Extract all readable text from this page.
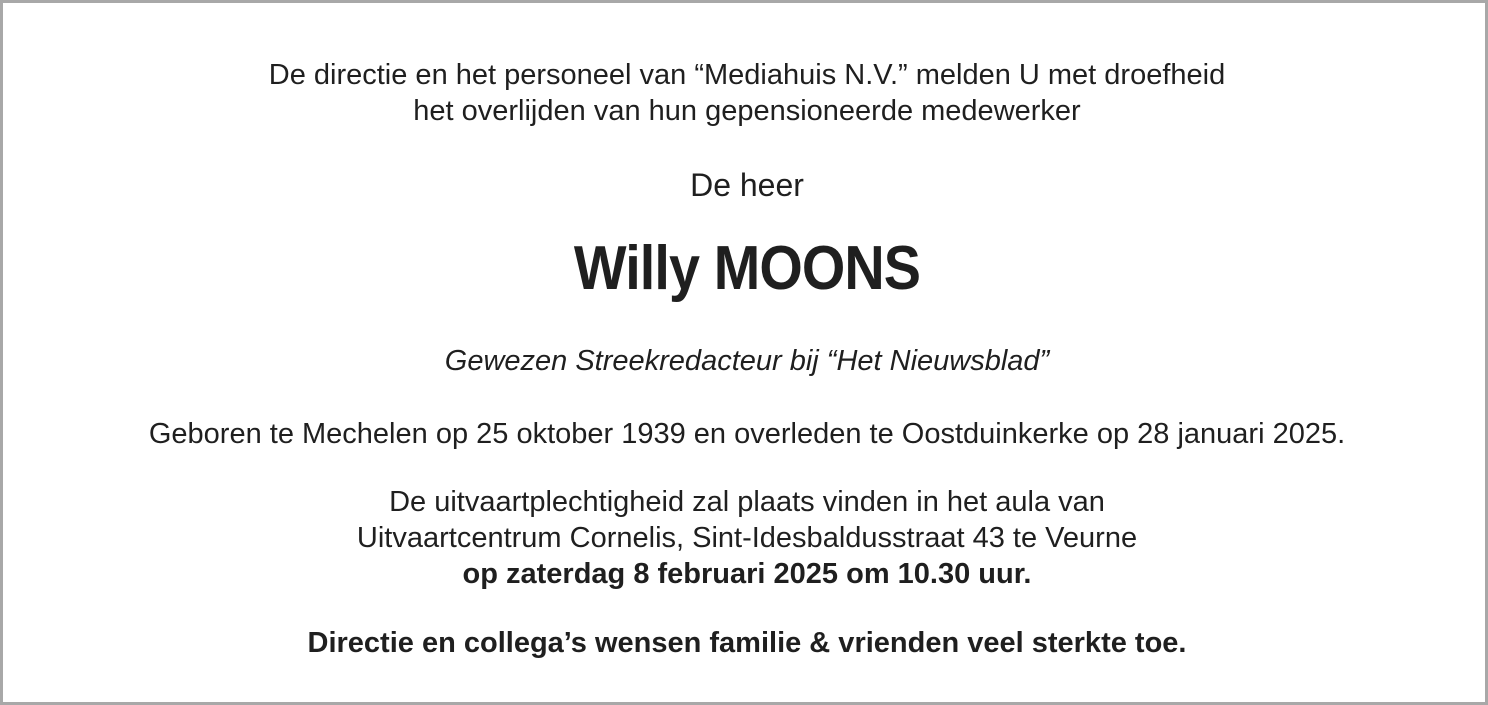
De directie en het personeel van “Mediahuis N.V.” melden U met droefheid
het overlijden van hun gepensioneerde medewerker
De heer
Willy MOONS
Gewezen Streekredacteur bij “Het Nieuwsblad”
Geboren te Mechelen op 25 oktober 1939 en overleden te Oostduinkerke op 28 januari 2025.
De uitvaartplechtigheid zal plaats vinden in het aula van
Uitvaartcentrum Cornelis, Sint-Idesbaldusstraat 43 te Veurne
op zaterdag 8 februari 2025 om 10.30 uur.
Directie en collega’s wensen familie & vrienden veel sterkte toe.
